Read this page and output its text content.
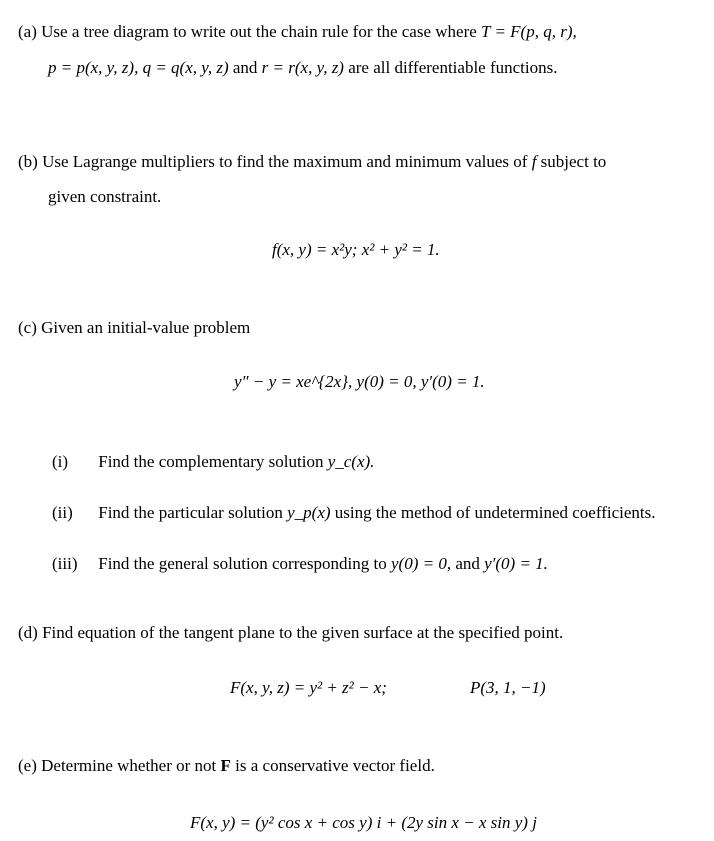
(a) Use a tree diagram to write out the chain rule for the case where T = F(p, q, r),
p = p(x, y, z), q = q(x, y, z) and r = r(x, y, z) are all differentiable functions.
(b) Use Lagrange multipliers to find the maximum and minimum values of f subject to
given constraint.
f(x, y) = x²y; x² + y² = 1.
(c) Given an initial-value problem
y″ − y = xe^{2x}, y(0) = 0, y′(0) = 1.
(i) Find the complementary solution y_c(x).
(ii) Find the particular solution y_p(x) using the method of undetermined coefficients.
(iii) Find the general solution corresponding to y(0) = 0, and y′(0) = 1.
(d) Find equation of the tangent plane to the given surface at the specified point.
F(x, y, z) = y² + z² − x;	P(3, 1, −1)
(e) Determine whether or not F is a conservative vector field.
F(x, y) = (y² cos x + cos y) i + (2y sin x − x sin y) j
